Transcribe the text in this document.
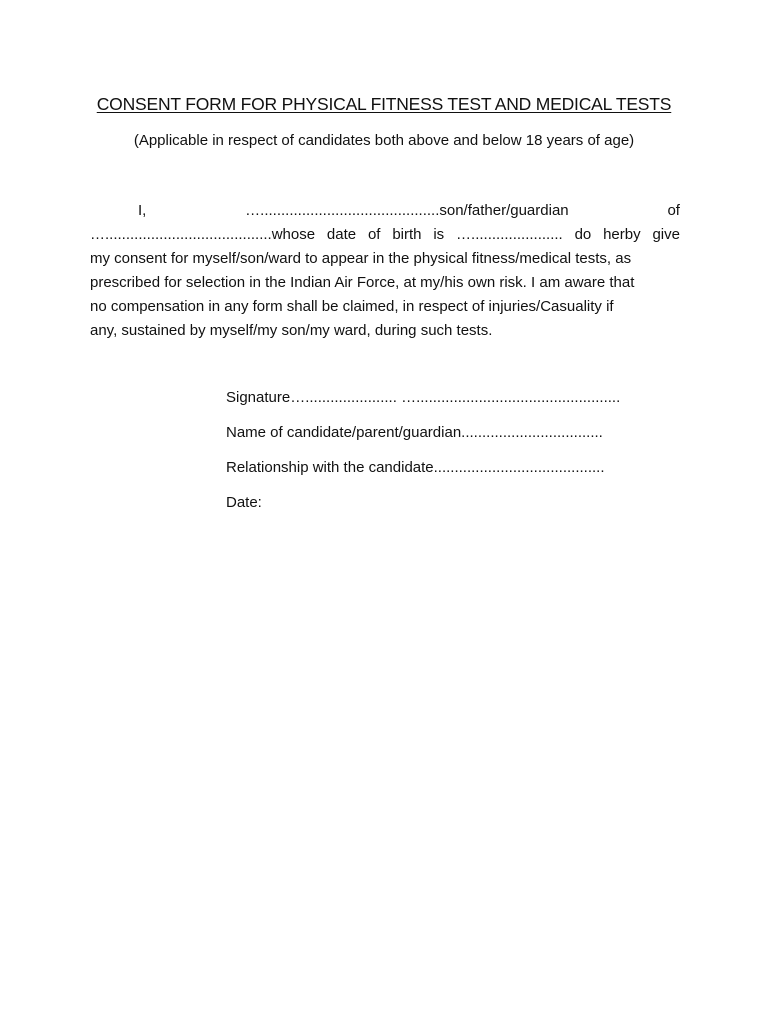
CONSENT FORM FOR PHYSICAL FITNESS TEST AND MEDICAL TESTS
(Applicable in respect of candidates both above and below 18 years of age)
I,	…...........................................son/father/guardian	of
…........................................whose date of birth is …...................... do herby give
my consent for myself/son/ward to appear in the physical fitness/medical tests, as
prescribed for selection in the Indian Air Force, at my/his own risk. I am aware that
no compensation in any form shall be claimed, in respect of injuries/Casuality if
any, sustained by myself/my son/my ward, during such tests.
Signature…...................... ….................................................
Name of candidate/parent/guardian..................................
Relationship with the candidate.........................................
Date:
